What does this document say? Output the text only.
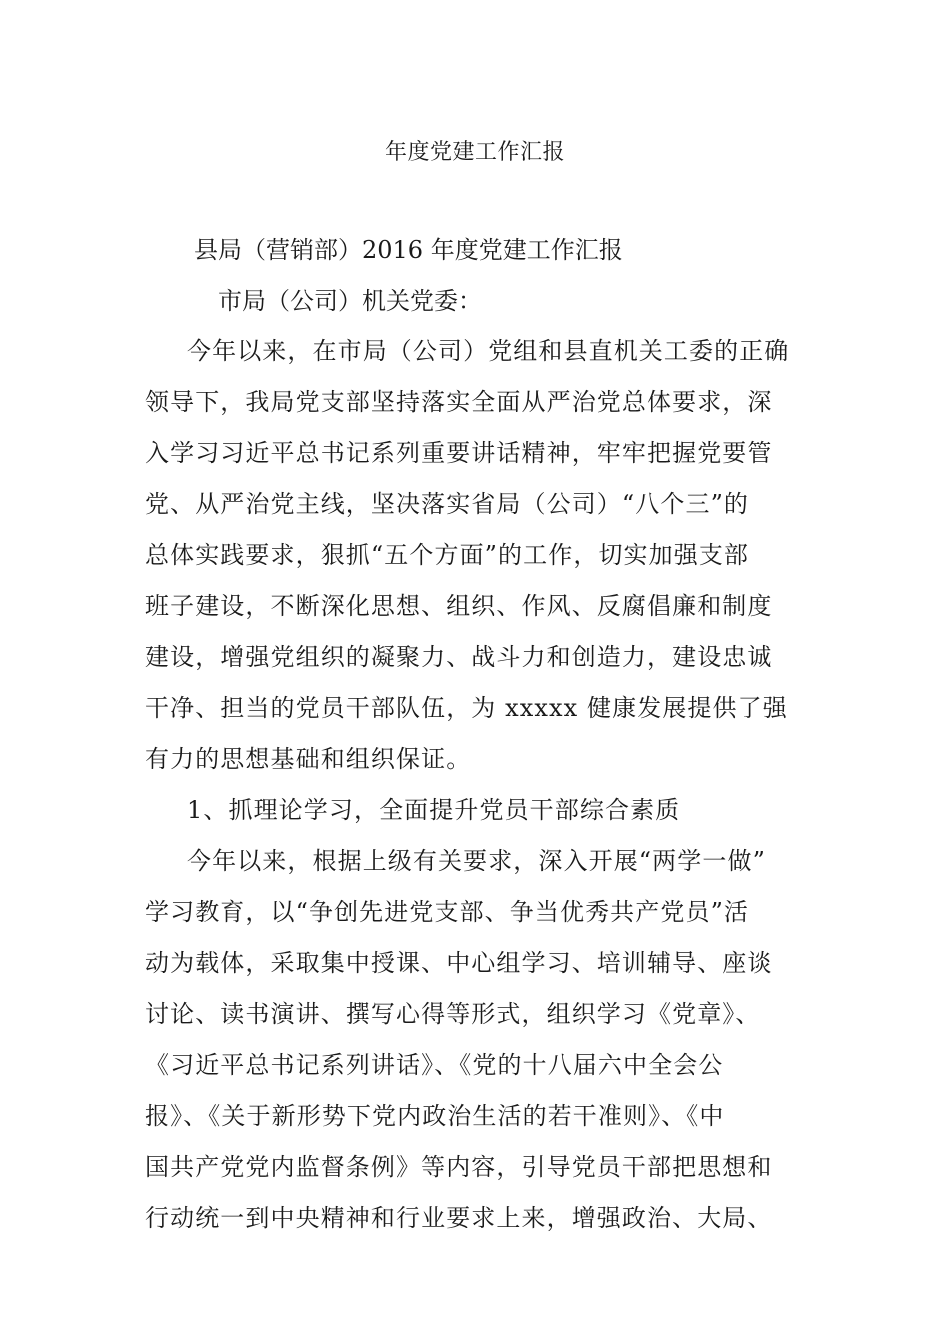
年度党建工作汇报
县局（营销部）2016 年度党建工作汇报
市局（公司）机关党委：
今年以来，在市局（公司）党组和县直机关工委的正确
领导下，我局党支部坚持落实全面从严治党总体要求，深
入学习习近平总书记系列重要讲话精神，牢牢把握党要管
党、从严治党主线，坚决落实省局（公司）“八个三”的
总体实践要求，狠抓“五个方面”的工作，切实加强支部
班子建设，不断深化思想、组织、作风、反腐倡廉和制度
建设，增强党组织的凝聚力、战斗力和创造力，建设忠诚
干净、担当的党员干部队伍，为 xxxxx 健康发展提供了强
有力的思想基础和组织保证。
1、抓理论学习，全面提升党员干部综合素质
今年以来，根据上级有关要求，深入开展“两学一做”
学习教育，以“争创先进党支部、争当优秀共产党员”活
动为载体，采取集中授课、中心组学习、培训辅导、座谈
讨论、读书演讲、撰写心得等形式，组织学习《党章》、
《习近平总书记系列讲话》、《党的十八届六中全会公
报》、《关于新形势下党内政治生活的若干准则》、《中
国共产党党内监督条例》等内容，引导党员干部把思想和
行动统一到中央精神和行业要求上来，增强政治、大局、
